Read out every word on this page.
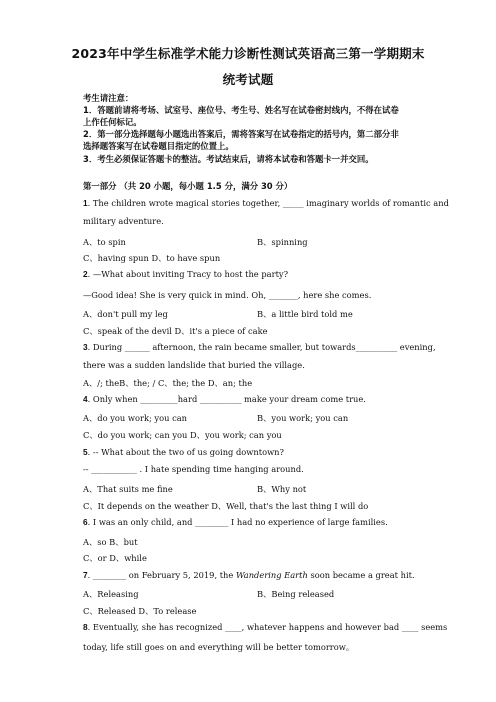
2023年中学生标准学术能力诊断性测试英语高三第一学期期末
统考试题
考生请注意：
1．答题前请将考场、试室号、座位号、考生号、姓名写在试卷密封线内，不得在试卷
上作任何标记。
2．第一部分选择题每小题选出答案后，需将答案写在试卷指定的括号内，第二部分非
选择题答案写在试卷题目指定的位置上。
3．考生必须保证答题卡的整洁。考试结束后，请将本试卷和答题卡一并交回。
第一部分 （共 20 小题，每小题 1.5 分，满分 30 分）
1. The children wrote magical stories together, _____ imaginary worlds of romantic and
military adventure.
A、to spin	B、spinning
C、having spun D、to have spun
2. —What about inviting Tracy to host the party?
—Good idea! She is very quick in mind. Oh, _______, here she comes.
A、don't pull my leg	B、a little bird told me
C、speak of the devil D、it's a piece of cake
3. During ______ afternoon, the rain became smaller, but towards__________ evening,
there was a sudden landslide that buried the village.
A、/; theB、the; / C、the; the D、an; the
4. Only when _________hard __________ make your dream come true.
A、do you work; you can	B、you work; you can
C、do you work; can you D、you work; can you
5. -- What about the two of us going downtown?
-- ___________ . I hate spending time hanging around.
A、That suits me fine	B、Why not
C、It depends on the weather D、Well, that's the last thing I will do
6. I was an only child, and ________ I had no experience of large families.
A、so B、but
C、or D、while
7. ________ on February 5, 2019, the Wandering Earth soon became a great hit.
A、Releasing	B、Being released
C、Released D、To release
8. Eventually, she has recognized ____, whatever happens and however bad ____ seems
today, life still goes on and everything will be better tomorrow。
